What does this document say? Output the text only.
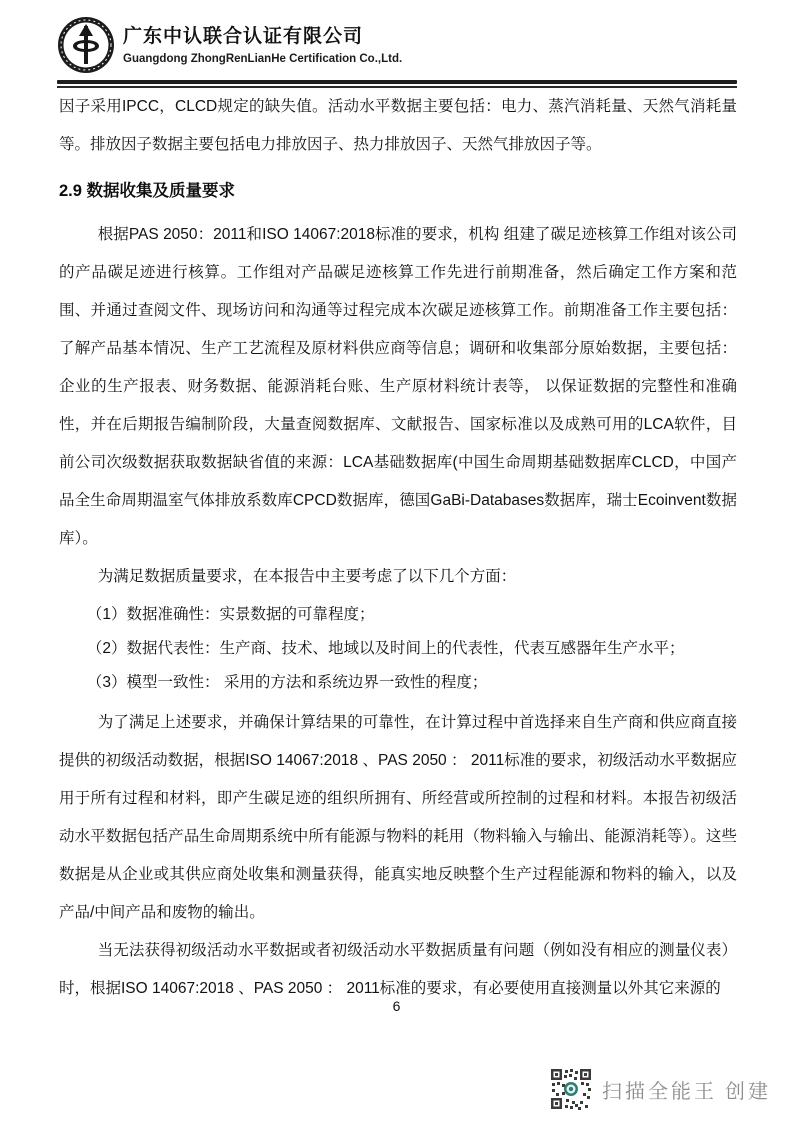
广东中认联合认证有限公司
Guangdong ZhongRenLianHe Certification Co.,Ltd.

因子采用IPCC，CLCD规定的缺失值。活动水平数据主要包括：电力、蒸汽消耗量、天然气消耗量等。排放因子数据主要包括电力排放因子、热力排放因子、天然气排放因子等。

2.9 数据收集及质量要求

根据PAS 2050：2011和ISO 14067:2018标准的要求，机构 组建了碳足迹核算工作组对该公司的产品碳足迹进行核算。工作组对产品碳足迹核算工作先进行前期准备，然后确定工作方案和范围、并通过查阅文件、现场访问和沟通等过程完成本次碳足迹核算工作。前期准备工作主要包括：了解产品基本情况、生产工艺流程及原材料供应商等信息；调研和收集部分原始数据，主要包括：企业的生产报表、财务数据、能源消耗台账、生产原材料统计表等， 以保证数据的完整性和准确性，并在后期报告编制阶段，大量查阅数据库、文献报告、国家标准以及成熟可用的LCA软件，目前公司次级数据获取数据缺省值的来源：LCA基础数据库(中国生命周期基础数据库CLCD，中国产品全生命周期温室气体排放系数库CPCD数据库，德国GaBi-Databases数据库，瑞士Ecoinvent数据库）。

为满足数据质量要求，在本报告中主要考虑了以下几个方面：

（1）数据准确性：实景数据的可靠程度；

（2）数据代表性：生产商、技术、地域以及时间上的代表性，代表互感器年生产水平；

（3）模型一致性： 采用的方法和系统边界一致性的程度；

为了满足上述要求，并确保计算结果的可靠性，在计算过程中首选择来自生产商和供应商直接提供的初级活动数据，根据ISO 14067:2018 、PAS 2050 ： 2011标准的要求，初级活动水平数据应用于所有过程和材料，即产生碳足迹的组织所拥有、所经营或所控制的过程和材料。本报告初级活动水平数据包括产品生命周期系统中所有能源与物料的耗用（物料输入与输出、能源消耗等）。这些数据是从企业或其供应商处收集和测量获得，能真实地反映整个生产过程能源和物料的输入，以及产品/中间产品和废物的输出。

当无法获得初级活动水平数据或者初级活动水平数据质量有问题（例如没有相应的测量仪表）时，根据ISO 14067:2018 、PAS 2050 ： 2011标准的要求，有必要使用直接测量以外其它来源的

6
扫描全能王 创建
